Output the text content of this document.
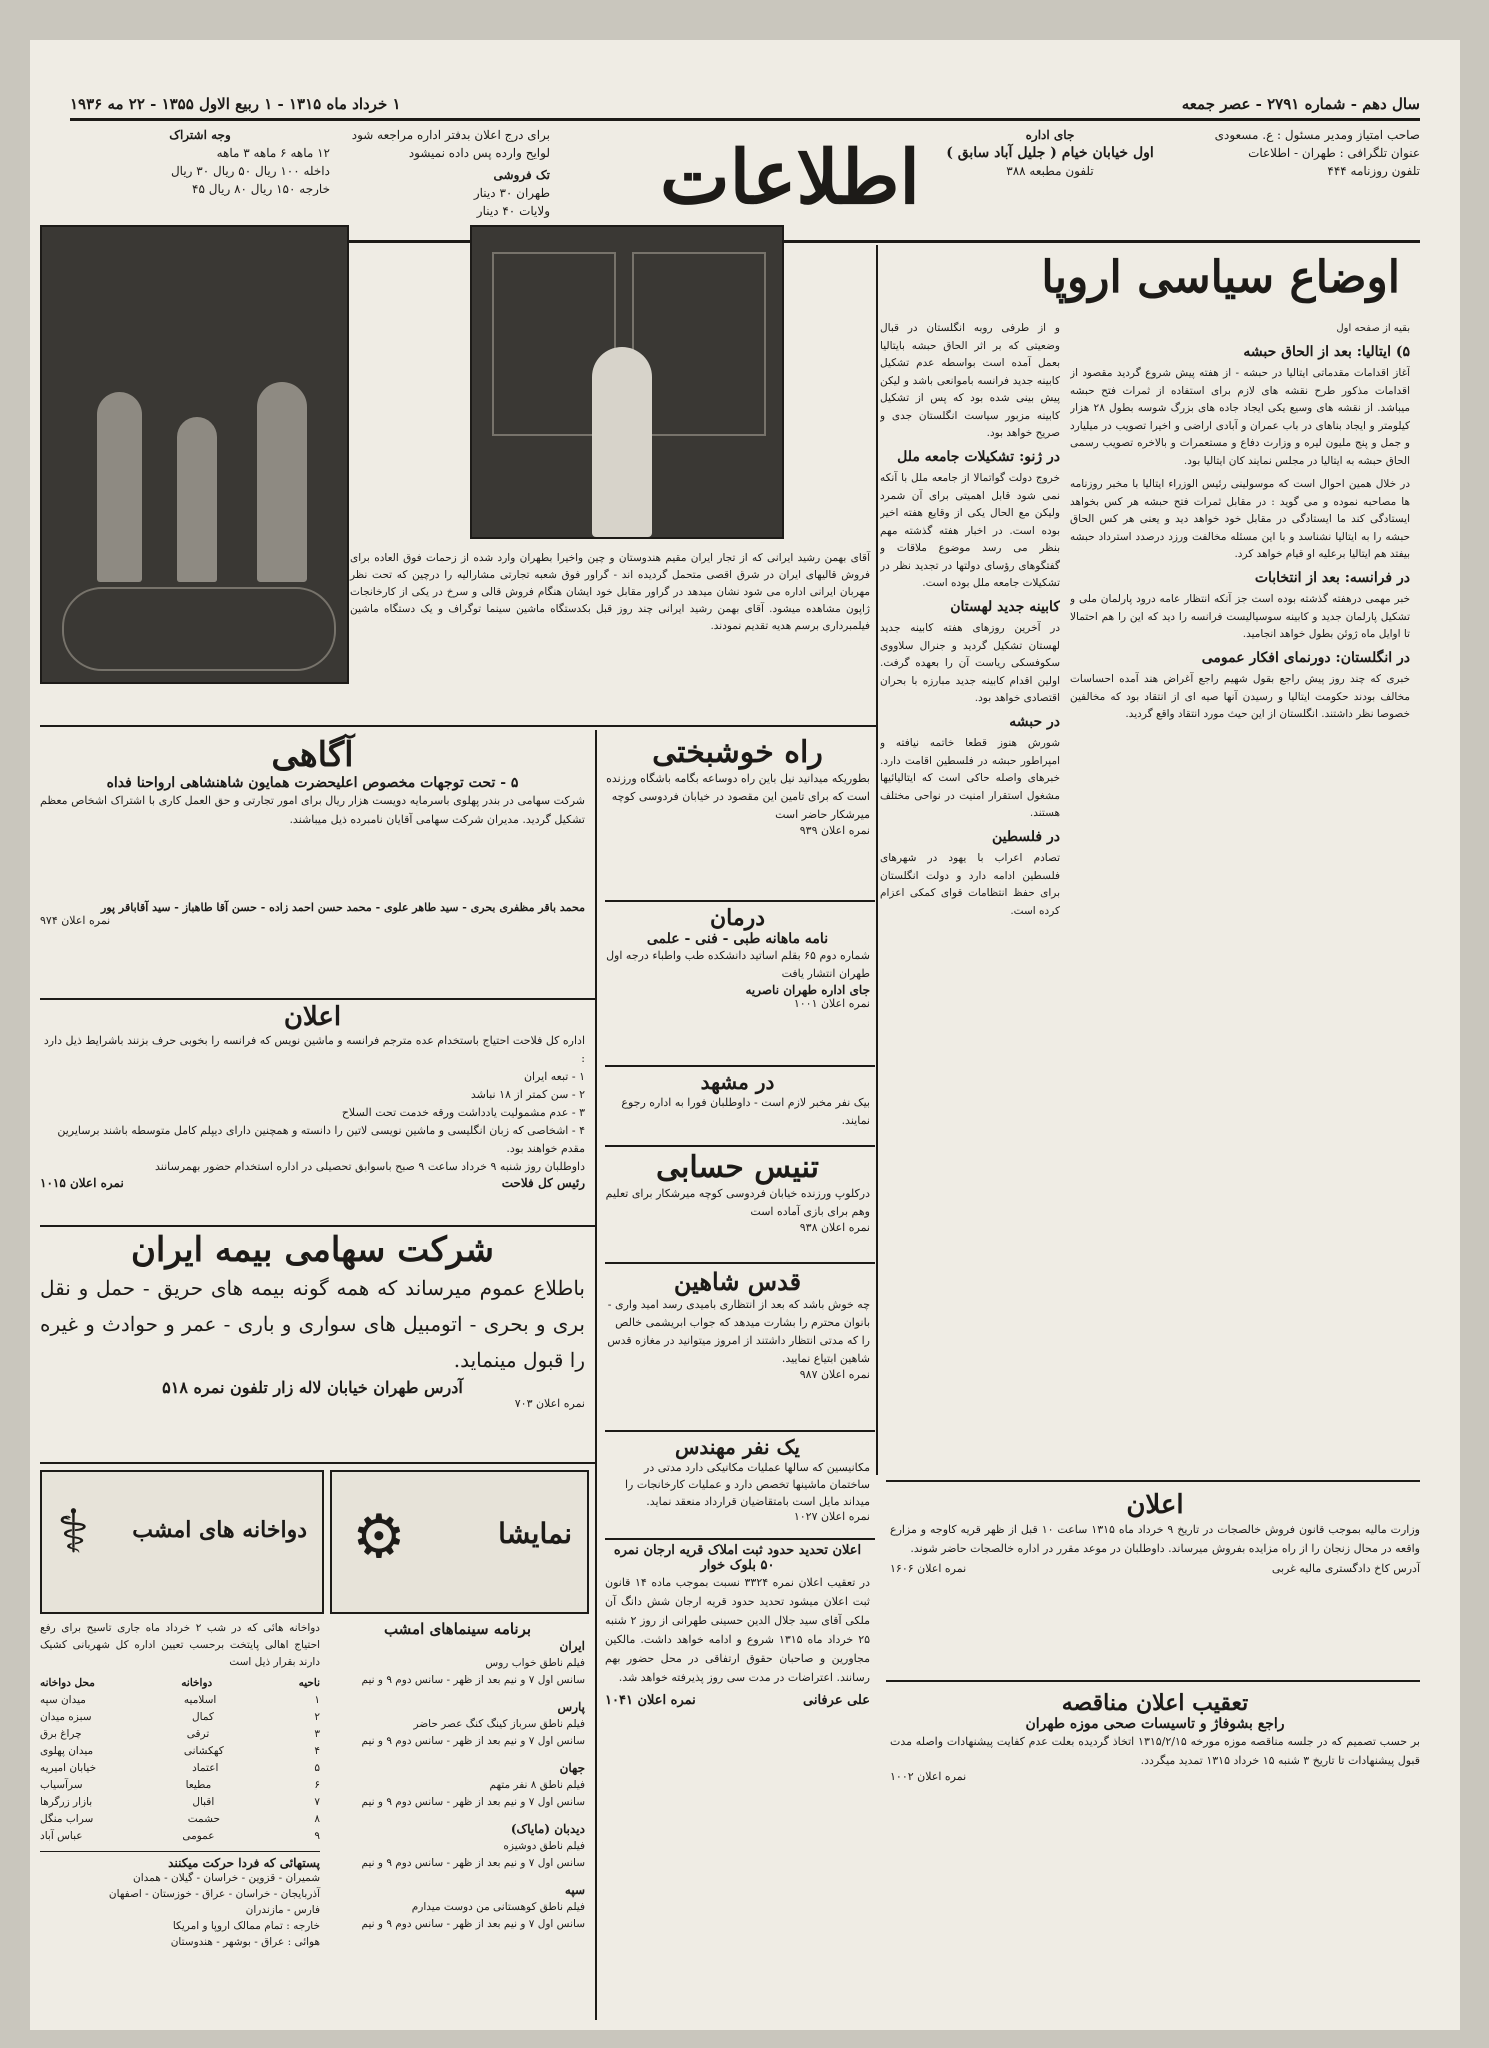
سال دهم - شماره ۲۷۹۱ - عصر جمعه
۱ خرداد ماه ۱۳۱۵ - ۱ ربیع الاول ۱۳۵۵ - ۲۲ مه ۱۹۳۶
صاحب امتیاز ومدیر مسئول : ع. مسعودی
عنوان تلگرافی : طهران - اطلاعات
تلفون روزنامه ۴۴۴
جای اداره
اول خیابان خیام ( جلیل آباد سابق )
تلفون مطبعه ۳۸۸
اطلاعات
برای درج اعلان بدفتر اداره مراجعه شود
لوایح وارده پس داده نمیشود
تک فروشی
طهران ۳۰ دینار
ولایات ۴۰ دینار
وجه اشتراک
۱۲ ماهه ۶ ماهه ۳ ماهه
داخله ۱۰۰ ریال ۵۰ ریال ۳۰ ریال
خارجه ۱۵۰ ریال ۸۰ ریال ۴۵
اوضاع سیاسی اروپا

بقیه از صفحه اول

۵) ایتالیا: بعد از الحاق حبشه

آغاز اقدامات مقدماتی ایتالیا در حبشه - از هفته پیش شروع گردید مقصود از اقدامات مذکور طرح نقشه های لازم برای استفاده از ثمرات فتح حبشه میباشد. از نقشه های وسیع یکی ایجاد جاده های بزرگ شوسه بطول ۲۸ هزار کیلومتر و ایجاد بناهای در باب عمران و آبادی اراضی و اخیرا تصویب در میلیارد و جمل و پنج ملیون لیره و وزارت دفاع و مستعمرات و بالاخره تصویب رسمی الحاق حبشه به ایتالیا در مجلس نمایند کان ایتالیا بود.

در خلال همین احوال است که موسولینی رئیس الوزراء ایتالیا با مخبر روزنامه ها مصاحبه نموده و می گوید : در مقابل ثمرات فتح حبشه هر کس بخواهد ایستادگی کند ما ایستادگی در مقابل خود خواهد دید و یعنی هر کس الحاق حبشه را به ایتالیا نشناسد و با این مسئله مخالفت ورزد درصدد استرداد حبشه بیفتد هم ایتالیا برعلیه او قیام خواهد کرد.

در فرانسه: بعد از انتخابات

خبر مهمی درهفته گذشته بوده است جز آنکه انتظار عامه درود پارلمان ملی و تشکیل پارلمان جدید و کابینه سوسیالیست فرانسه را دید که این را هم احتمالا تا اوایل ماه ژوئن بطول خواهد انجامید.

در انگلستان: دورنمای افکار عمومی

خبری که چند روز پیش راجع بقول شهیم راجع آغراض هند آمده احساسات مخالف بودند حکومت ایتالیا و رسیدن آنها صیه ای از انتقاد بود که مخالفین خصوصا نظر داشتند. انگلستان از این حیث مورد انتقاد واقع گردید.

و از طرفی روبه انگلستان در قبال وضعیتی که بر اثر الحاق حبشه بایتالیا بعمل آمده است بواسطه عدم تشکیل کابینه جدید فرانسه باموانعی باشد و لیکن پیش بینی شده بود که پس از تشکیل کابینه مزبور سیاست انگلستان جدی و صریح خواهد بود.

در ژنو: تشکیلات جامعه ملل

خروج دولت گواتمالا از جامعه ملل با آنکه نمی شود قابل اهمیتی برای آن شمرد ولیکن مع الحال یکی از وقایع هفته اخیر بوده است. در اخبار هفته گذشته مهم بنظر می رسد موضوع ملاقات و گفتگوهای رؤسای دولتها در تجدید نظر در تشکیلات جامعه ملل بوده است.

کابینه جدید لهستان

در آخرین روزهای هفته کابینه جدید لهستان تشکیل گردید و جنرال سلاووی سکوفسکی ریاست آن را بعهده گرفت. اولین اقدام کابینه جدید مبارزه با بحران اقتصادی خواهد بود.

در حبشه

شورش هنوز قطعا خاتمه نیافته و امپراطور حبشه در فلسطین اقامت دارد. خبرهای واصله حاکی است که ایتالیائیها مشغول استقرار امنیت در نواحی مختلف هستند.

در فلسطین

تصادم اعراب با یهود در شهرهای فلسطین ادامه دارد و دولت انگلستان برای حفظ انتظامات قوای کمکی اعزام کرده است.

آقای بهمن رشید ایرانی که از تجار ایران مقیم هندوستان و چین واخیرا بطهران وارد شده از زحمات فوق العاده برای فروش قالیهای ایران در شرق اقصی متحمل گردیده اند - گراور فوق شعبه تجارتی مشارالیه را درچین که تحت نظر مهربان ایرانی اداره می شود نشان میدهد در گراور مقابل خود ایشان هنگام فروش قالی و سرخ در یکی از کارخانجات ژاپون مشاهده میشود. آقای بهمن رشید ایرانی چند روز قبل بکدستگاه ماشین سینما توگراف و یک دستگاه ماشین فیلمبرداری برسم هدیه تقدیم نمودند.
آگاهی
۵ - تحت توجهات مخصوص اعلیحضرت همایون شاهنشاهی ارواحنا فداه
شرکت سهامی در بندر پهلوی باسرمایه دویست هزار ریال برای امور تجارتی و حق العمل کاری با اشتراک اشخاص معظم تشکیل گردید. مدیران شرکت سهامی آقایان نامبرده ذیل میباشند.
محمد باقر مظفری بحری - سید طاهر علوی - محمد حسن احمد زاده - حسن آقا طاهباز - سید آقاباقر پور
نمره اعلان ۹۷۴
اعلان
اداره کل فلاحت احتیاج باستخدام عده مترجم فرانسه و ماشین نویس که فرانسه را بخوبی حرف بزنند باشرایط ذیل دارد :
۱ - تبعه ایران
۲ - سن کمتر از ۱۸ نباشد
۳ - عدم مشمولیت یادداشت ورقه خدمت تحت السلاح
۴ - اشخاصی که زبان انگلیسی و ماشین نویسی لاتین را دانسته و همچنین دارای دیپلم کامل متوسطه باشند برسایرین مقدم خواهند بود.
داوطلبان روز شنبه ۹ خرداد ساعت ۹ صبح باسوابق تحصیلی در اداره استخدام حضور بهمرسانند
رئیس کل فلاحت
نمره اعلان ۱۰۱۵
شرکت سهامی بیمه ایران
باطلاع عموم میرساند که همه گونه بیمه های حریق - حمل و نقل بری و بحری - اتومبیل های سواری و باری - عمر و حوادث و غیره را قبول مینماید.
آدرس طهران خیابان لاله زار تلفون نمره ۵۱۸
نمره اعلان ۷۰۳
راه خوشبختی
بطوریکه میدانید نیل باین راه دوساعه بگامه باشگاه ورزنده است که برای تامین این مقصود در خیابان فردوسی کوچه میرشکار حاضر است
نمره اعلان ۹۳۹
درمان
نامه ماهانه طبی - فنی - علمی
شماره دوم ۶۵ بقلم اساتید دانشکده طب واطباء درجه اول طهران انتشار یافت
جای اداره طهران ناصریه
نمره اعلان ۱۰۰۱
در مشهد
بیک نفر مخبر لازم است - داوطلبان فورا به اداره رجوع نمایند.
تنیس حسابی
درکلوپ ورزنده خیابان فردوسی کوچه میرشکار برای تعلیم وهم برای بازی آماده است
نمره اعلان ۹۳۸
قدس شاهین
چه خوش باشد که بعد از انتظاری بامیدی رسد امید واری - بانوان محترم را بشارت میدهد که جواب ابریشمی خالص را که مدتی انتظار داشتند از امروز میتوانید در مغازه قدس شاهین ابتیاع نمایید.
نمره اعلان ۹۸۷
یک نفر مهندس
مکانیسین که سالها عملیات مکانیکی دارد مدتی در ساختمان ماشینها تخصص دارد و عملیات کارخانجات را میداند مایل است بامتقاضیان قرارداد منعقد نماید.
نمره اعلان ۱۰۲۷
اعلان تحدید حدود ثبت املاک قریه ارجان نمره ۵۰ بلوک خوار
در تعقیب اعلان نمره ۳۳۲۴ نسبت بموجب ماده ۱۴ قانون ثبت اعلان میشود تحدید حدود قریه ارجان شش دانگ آن ملکی آقای سید جلال الدین حسینی طهرانی از روز ۲ شنبه ۲۵ خرداد ماه ۱۳۱۵ شروع و ادامه خواهد داشت. مالکین مجاورین و صاحبان حقوق ارتفاقی در محل حضور بهم رسانند. اعتراضات در مدت سی روز پذیرفته خواهد شد.
علی عرفانی
نمره اعلان ۱۰۴۱
⚙	نمایشا
⚕ دواخانه های امشب
برنامه سینماهای امشب
ایران
فیلم ناطق خواب روس
سانس اول ۷ و نیم بعد از ظهر - سانس دوم ۹ و نیم
پارس
فیلم ناطق سرباز کینگ کنگ عصر حاضر
سانس اول ۷ و نیم بعد از ظهر - سانس دوم ۹ و نیم
جهان
فیلم ناطق ۸ نفر متهم
سانس اول ۷ و نیم بعد از ظهر - سانس دوم ۹ و نیم
دیدبان (مایاک)
فیلم ناطق دوشیزه
سانس اول ۷ و نیم بعد از ظهر - سانس دوم ۹ و نیم
سپه
فیلم ناطق کوهستانی من دوست میدارم
سانس اول ۷ و نیم بعد از ظهر - سانس دوم ۹ و نیم
دواخانه هائی که در شب ۲ خرداد ماه جاری تاسیح برای رفع احتیاج اهالی پایتخت برحسب تعیین اداره کل شهربانی کشیک دارند بقرار ذیل است
ناحیه
دواخانه
محل دواخانه
۱
اسلامیه
میدان سپه
۲
کمال
سبزه میدان
۳
ترقی
چراغ برق
۴
کهکشانی
میدان پهلوی
۵
اعتماد
خیابان امیریه
۶
مطیعا
سرآسیاب
۷
اقبال
بازار زرگرها
۸
حشمت
سراب منگل
۹
عمومی
عباس آباد
پستهائی که فردا حرکت میکنند
شمیران - قزوین - خراسان - گیلان - همدان
آذربایجان - خراسان - عراق - خوزستان - اصفهان
فارس - مازندران
خارجه : تمام ممالک اروپا و امریکا
هوائی : عراق - بوشهر - هندوستان
اعلان
وزارت مالیه بموجب قانون فروش خالصجات در تاریخ ۹ خرداد ماه ۱۳۱۵ ساعت ۱۰ قبل از ظهر قریه کاوجه و مزارع واقعه در محال زنجان را از راه مزایده بفروش میرساند. داوطلبان در موعد مقرر در اداره خالصجات حاضر شوند.
آدرس کاخ دادگستری مالیه غربی
نمره اعلان ۱۶۰۶
تعقیب اعلان مناقصه
راجع بشوفاژ و تاسیسات صحی موزه طهران
بر حسب تصمیم که در جلسه مناقصه موزه مورخه ۱۳۱۵/۲/۱۵ اتخاذ گردیده بعلت عدم کفایت پیشنهادات واصله مدت قبول پیشنهادات تا تاریخ ۳ شنبه ۱۵ خرداد ۱۳۱۵ تمدید میگردد.
نمره اعلان ۱۰۰۲
